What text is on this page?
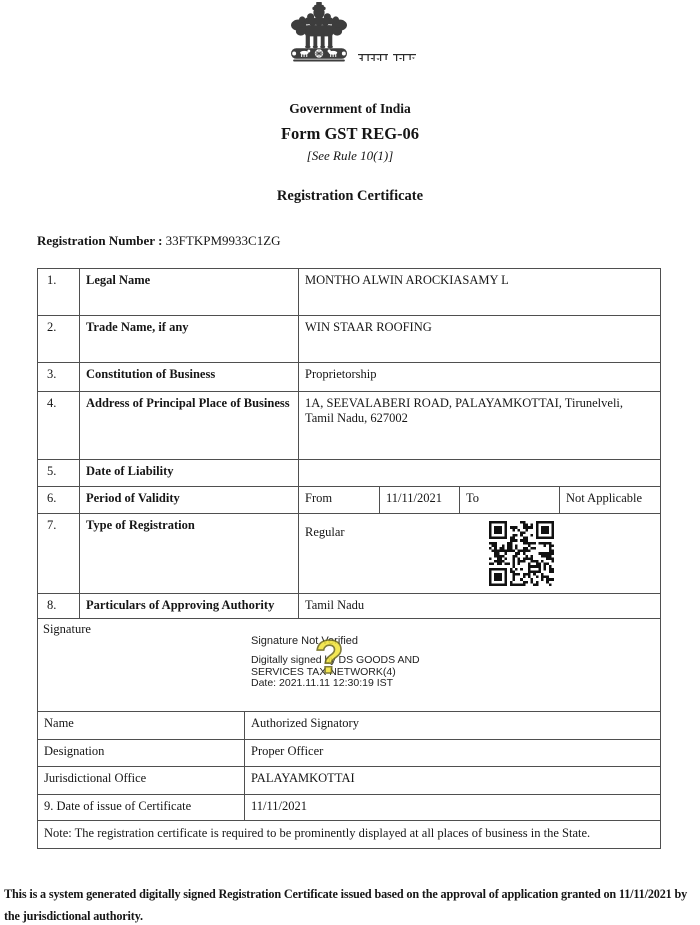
Government of India
Form GST REG-06
[See Rule 10(1)]
Registration Certificate
Registration Number : 33FTKPM9933C1ZG
1.	Legal Name	MONTHO ALWIN AROCKIASAMY L
2.	Trade Name, if any	WIN STAAR ROOFING
3.	Constitution of Business	Proprietorship
4.	Address of Principal Place of Business	1A, SEEVALABERI ROAD, PALAYAMKOTTAI, Tirunelveli, Tamil Nadu, 627002
5.	Date of Liability
6.	Period of Validity	From	11/11/2021	To	Not Applicable
7.	Type of Registration	Regular
8.	Particulars of Approving Authority	Tamil Nadu
Signature
Signature Not Verified
Digitally signed by DS GOODS AND
SERVICES TAX NETWORK(4)
Date: 2021.11.11 12:30:19 IST
?
Name	Authorized Signatory
Designation	Proper Officer
Jurisdictional Office	PALAYAMKOTTAI
9. Date of issue of Certificate	11/11/2021
Note: The registration certificate is required to be prominently displayed at all places of business in the State.
This is a system generated digitally signed Registration Certificate issued based on the approval of application granted on 11/11/2021 by the jurisdictional authority.
